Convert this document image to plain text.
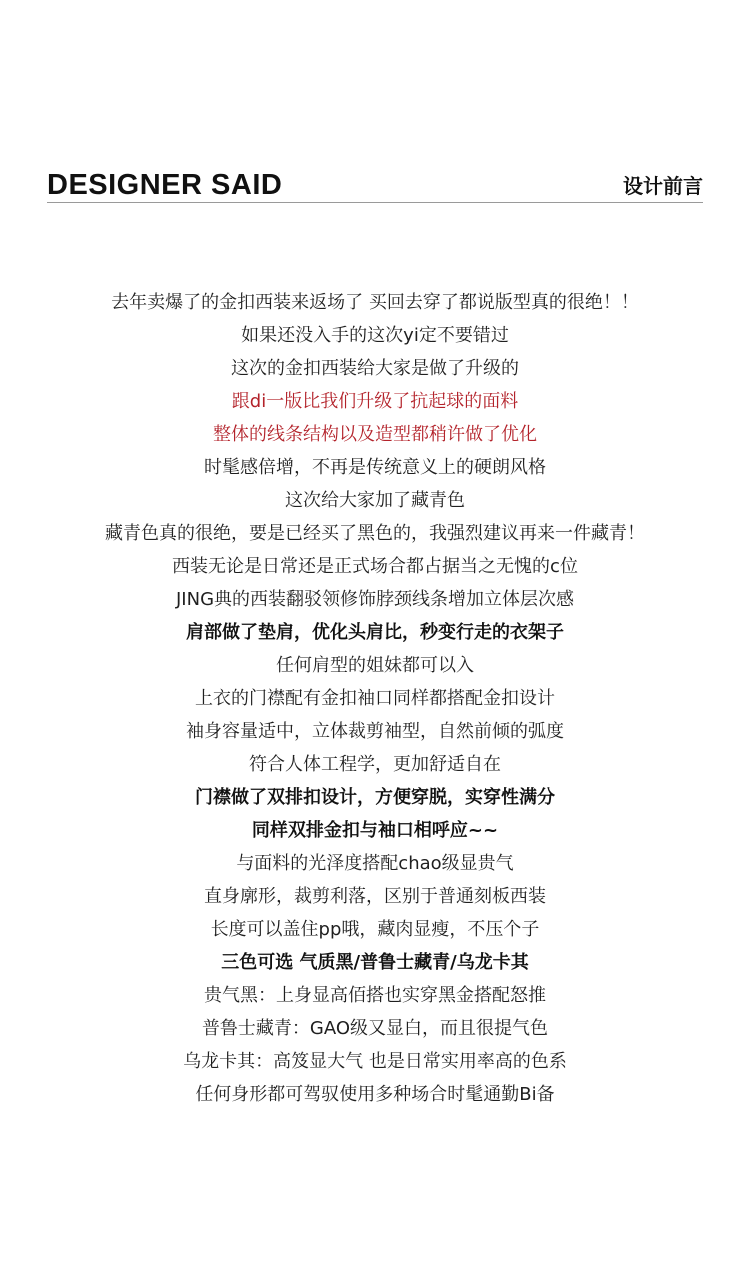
DESIGNER SAID	设计前言
去年卖爆了的金扣西装来返场了 买回去穿了都说版型真的很绝！！
如果还没入手的这次yi定不要错过
这次的金扣西装给大家是做了升级的
跟di一版比我们升级了抗起球的面料
整体的线条结构以及造型都稍许做了优化
时髦感倍增，不再是传统意义上的硬朗风格
这次给大家加了藏青色
藏青色真的很绝，要是已经买了黑色的，我强烈建议再来一件藏青！
西装无论是日常还是正式场合都占据当之无愧的c位
JING典的西装翻驳领修饰脖颈线条增加立体层次感
肩部做了垫肩，优化头肩比，秒变行走的衣架子
任何肩型的姐妹都可以入
上衣的门襟配有金扣袖口同样都搭配金扣设计
袖身容量适中，立体裁剪袖型，自然前倾的弧度
符合人体工程学，更加舒适自在
门襟做了双排扣设计，方便穿脱，实穿性满分
同样双排金扣与袖口相呼应~~
与面料的光泽度搭配chao级显贵气
直身廓形，裁剪利落，区别于普通刻板西装
长度可以盖住pp哦，藏肉显瘦，不压个子
三色可选 气质黑/普鲁士藏青/乌龙卡其
贵气黑：上身显高佰搭也实穿黑金搭配怒推
普鲁士藏青：GAO级又显白，而且很提气色
乌龙卡其：高笈显大气 也是日常实用率高的色系
任何身形都可驾驭使用多种场合时髦通勤Bi备
